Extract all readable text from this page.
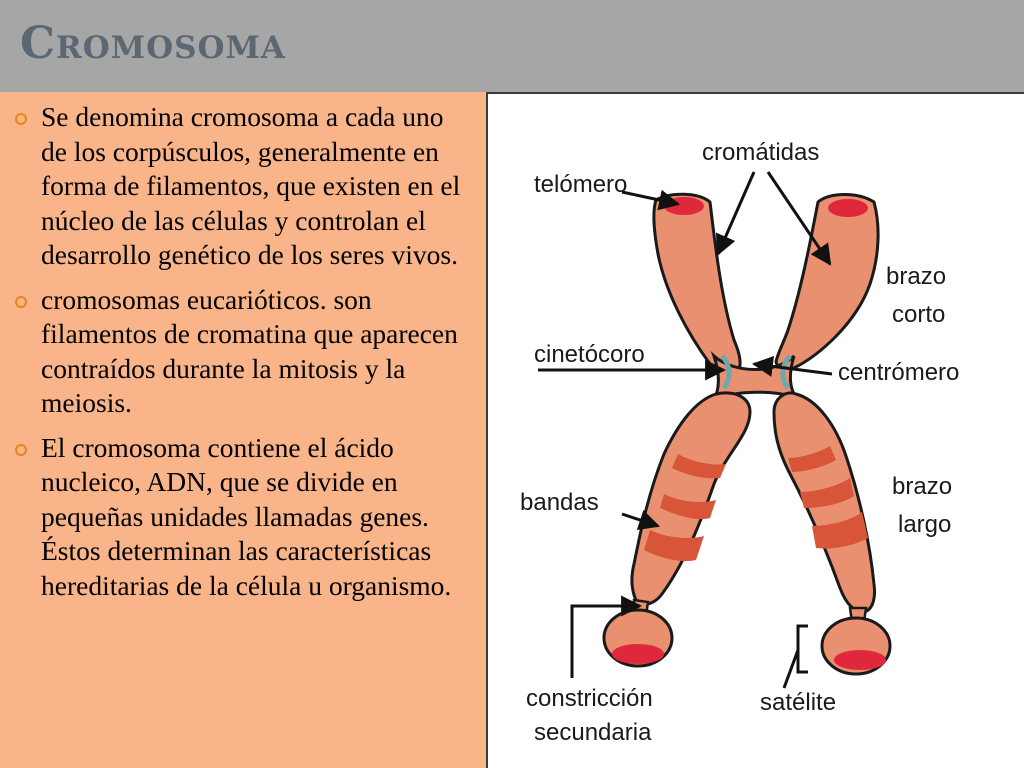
Cromosoma
Se denomina cromosoma a cada uno de los corpúsculos, generalmente en forma de filamentos, que existen en el núcleo de las células y controlan el desarrollo genético de los seres vivos.
cromosomas eucarióticos. son filamentos de cromatina que aparecen contraídos durante la mitosis y la meiosis.
El cromosoma contiene el ácido nucleico, ADN, que se divide en pequeñas unidades llamadas genes. Éstos determinan las características hereditarias de la célula u organismo.
cromátidas
telómero
brazo
corto
cinetócoro
centrómero
bandas
brazo
largo
constricción
secundaria
satélite
